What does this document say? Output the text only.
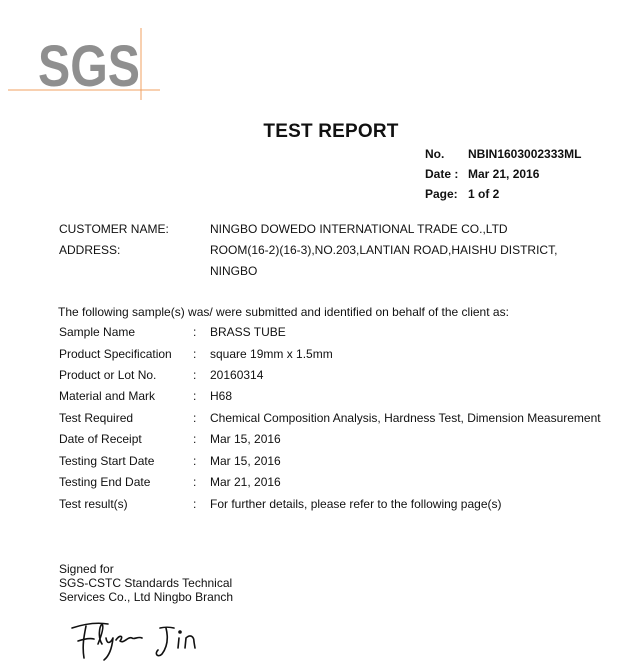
SGS
TEST REPORT
No. NBIN1603002333ML
Date : Mar 21, 2016
Page: 1 of 2
CUSTOMER NAME:	NINGBO DOWEDO INTERNATIONAL TRADE CO.,LTD
ADDRESS:	ROOM(16-2)(16-3),NO.203,LANTIAN ROAD,HAISHU DISTRICT,
NINGBO
The following sample(s) was/ were submitted and identified on behalf of the client as:
Sample Name	: BRASS TUBE
Product Specification : square 19mm x 1.5mm
Product or Lot No.	: 20160314
Material and Mark	: H68
Test Required	: Chemical Composition Analysis, Hardness Test, Dimension Measurement
Date of Receipt	: Mar 15, 2016
Testing Start Date	: Mar 15, 2016
Testing End Date	: Mar 21, 2016
Test result(s)	: For further details, please refer to the following page(s)
Signed for
SGS-CSTC Standards Technical
Services Co., Ltd Ningbo Branch
